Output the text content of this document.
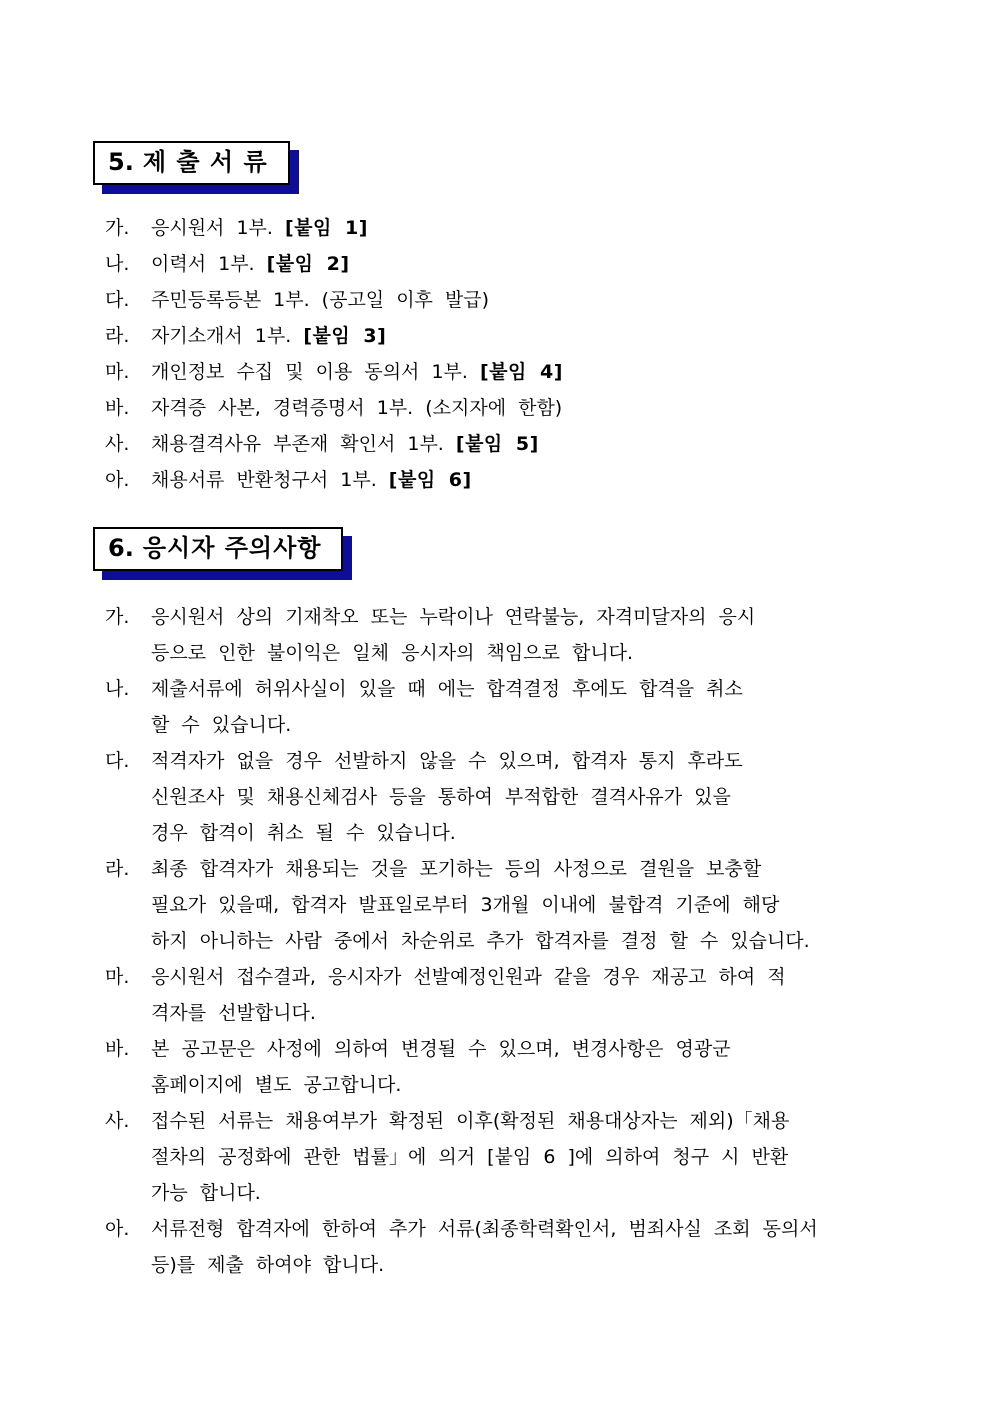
5. 제 출 서 류
가.	응시원서 1부. [붙임 1]
나.	이력서 1부. [붙임 2]
다.	주민등록등본 1부. (공고일 이후 발급)
라.	자기소개서 1부. [붙임 3]
마.	개인정보 수집 및 이용 동의서 1부. [붙임 4]
바.	자격증 사본, 경력증명서 1부. (소지자에 한함)
사.	채용결격사유 부존재 확인서 1부. [붙임 5]
아.	채용서류 반환청구서 1부. [붙임 6]
6. 응시자 주의사항
가.	응시원서 상의 기재착오 또는 누락이나 연락불능, 자격미달자의 응시
등으로 인한 불이익은 일체 응시자의 책임으로 합니다.
나.	제출서류에 허위사실이 있을 때 에는 합격결정 후에도 합격을 취소
할 수 있습니다.
다.	적격자가 없을 경우 선발하지 않을 수 있으며, 합격자 통지 후라도
신원조사 및 채용신체검사 등을 통하여 부적합한 결격사유가 있을
경우 합격이 취소 될 수 있습니다.
라.	최종 합격자가 채용되는 것을 포기하는 등의 사정으로 결원을 보충할
필요가 있을때, 합격자 발표일로부터 3개월 이내에 불합격 기준에 해당
하지 아니하는 사람 중에서 차순위로 추가 합격자를 결정 할 수 있습니다.
마.	응시원서 접수결과, 응시자가 선발예정인원과 같을 경우 재공고 하여 적
격자를 선발합니다.
바.	본 공고문은 사정에 의하여 변경될 수 있으며, 변경사항은 영광군
홈페이지에 별도 공고합니다.
사.	접수된 서류는 채용여부가 확정된 이후(확정된 채용대상자는 제외)「채용
절차의 공정화에 관한 법률」에 의거 [붙임 6 ]에 의하여 청구 시 반환
가능 합니다.
아.	서류전형 합격자에 한하여 추가 서류(최종학력확인서, 범죄사실 조회 동의서
등)를 제출 하여야 합니다.
